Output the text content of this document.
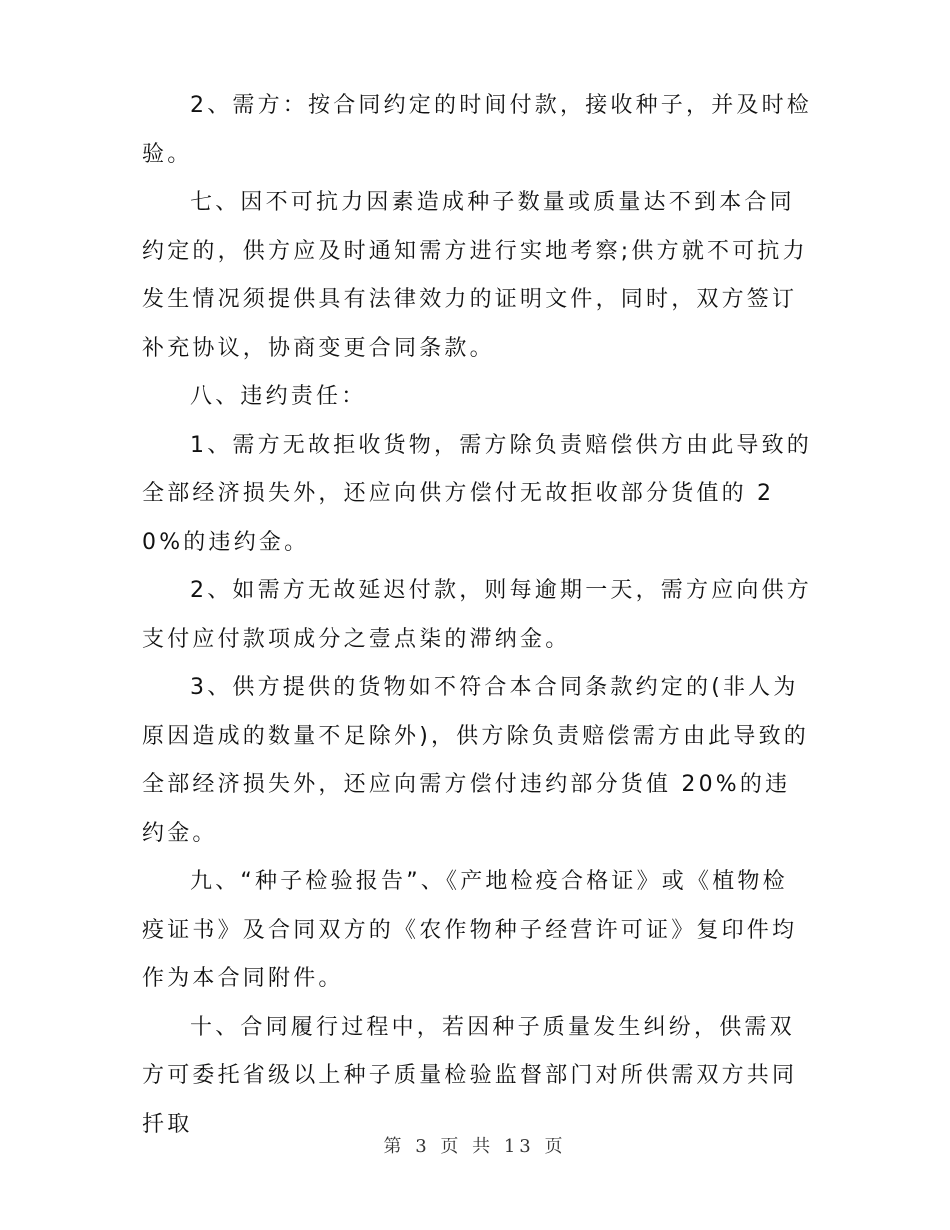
2、需方：按合同约定的时间付款，接收种子，并及时检验。

七、因不可抗力因素造成种子数量或质量达不到本合同约定的，供方应及时通知需方进行实地考察;供方就不可抗力发生情况须提供具有法律效力的证明文件，同时，双方签订补充协议，协商变更合同条款。

八、违约责任：

1、需方无故拒收货物，需方除负责赔偿供方由此导致的全部经济损失外，还应向供方偿付无故拒收部分货值的 20%的违约金。

2、如需方无故延迟付款，则每逾期一天，需方应向供方支付应付款项成分之壹点柒的滞纳金。

3、供方提供的货物如不符合本合同条款约定的(非人为原因造成的数量不足除外)，供方除负责赔偿需方由此导致的全部经济损失外，还应向需方偿付违约部分货值 20%的违约金。

九、“种子检验报告”、《产地检疫合格证》或《植物检疫证书》及合同双方的《农作物种子经营许可证》复印件均作为本合同附件。

十、合同履行过程中，若因种子质量发生纠纷，供需双方可委托省级以上种子质量检验监督部门对所供需双方共同扦取

第 3 页 共 13 页
